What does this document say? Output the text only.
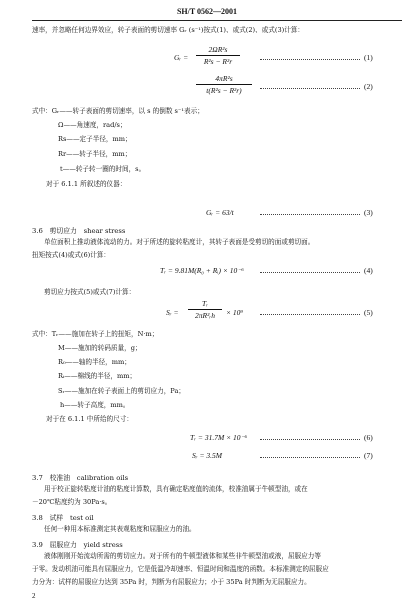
SH/T 0562—2001
速率，并忽略任何边界效应，转子表面的剪切速率 Gᵣ (s⁻¹)按式(1)、或式(2)、或式(3)计算：
Gᵣ =
2ΩR²s
R²s − R²r	(1)
4πR²s
t(R²s − R²r)	(2)
式中：Gᵣ——转子表面的剪切速率，以 s 的倒数 s⁻¹表示；
Ω——角速度，rad/s；
Rs——定子半径，mm；
Rr——转子半径，mm；
t——转子转一圈的时间，s。
对于 6.1.1 所叙述的仪器：
Gᵣ = 63/t	(3)
3.6　剪切应力　shear stress
单位面积上推动液体流动的力。对于所述的旋转粘度计，其转子表面是受剪切的面或剪切面。
扭矩按式(4)或式(6)计算：
Tᵣ = 9.81M(R₀ + Rᵢ) × 10⁻⁶	(4)
剪切应力按式(5)或式(7)计算：
Sᵣ =
Tᵣ
2πR²ᵣh	× 10⁹	(5)
式中：Tᵣ——施加在转子上的扭矩，N·m；
M——施加的转码质量，g；
R₀——轴的半径，mm；
Rᵢ——棉线的半径，mm；
Sᵣ——施加在转子表面上的剪切应力，Pa；
h——转子高度，mm。
对于在 6.1.1 中所给的尺寸：
Tᵣ = 31.7M × 10⁻⁶	(6)
Sᵣ = 3.5M	(7)
3.7　校准油　calibration oils
用于校正旋转粘度计油的粘度计算数，具有确定粘度值的流体，校准油属于牛顿型油，或在
－20℃粘度约为 30Pa·s。
3.8　试样　test oil
任何一种用本标准测定其表观粘度和屈服应力的油。
3.9　屈服应力　yield stress
液体刚刚开始流动所需的剪切应力。对于所有的牛顿型液体和某些非牛顿型油或液，屈服应力等
于零。发动机油可能具有屈服应力，它是低温冷却速率、恒温时间和温度的函数。本标准测定的屈服应
力分为：试样的屈服应力达到 35Pa 时，判断为有屈服应力；小于 35Pa 时判断为无屈服应力。
2
